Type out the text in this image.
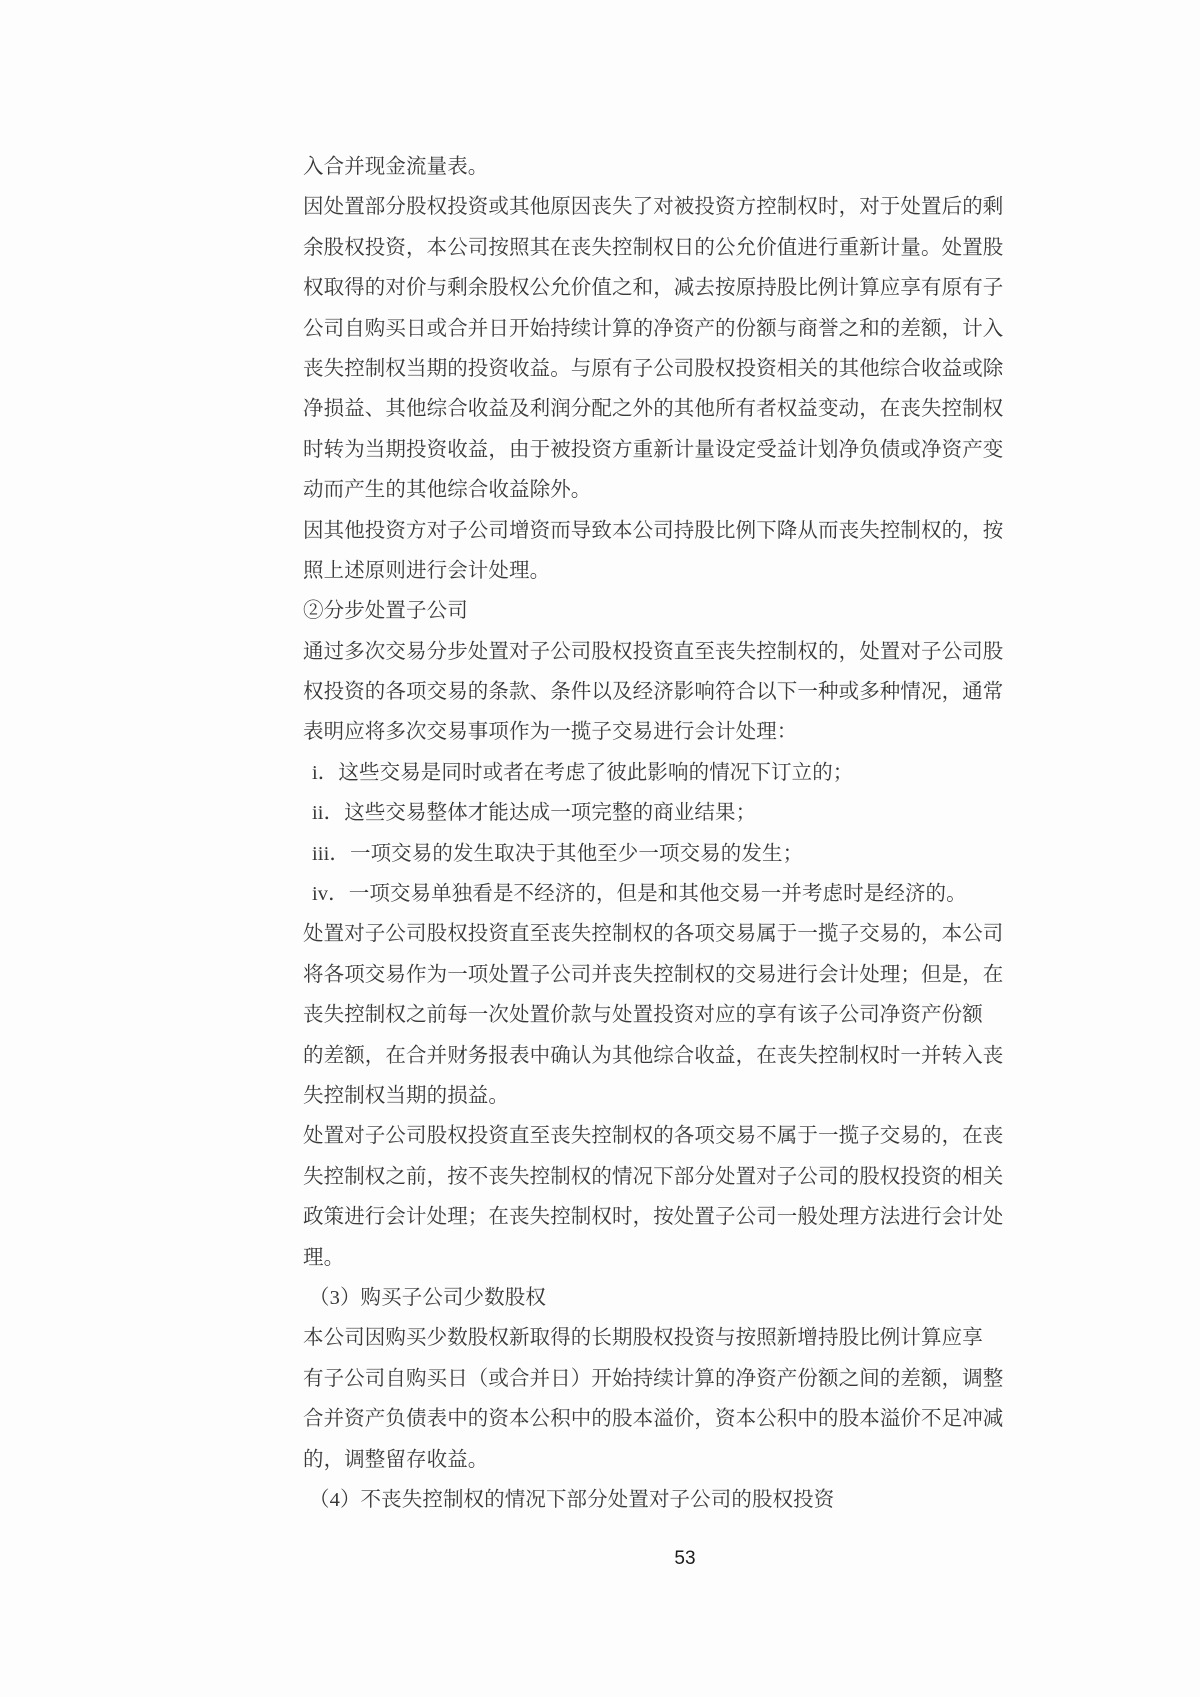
入合并现金流量表。
因处置部分股权投资或其他原因丧失了对被投资方控制权时，对于处置后的剩
余股权投资，本公司按照其在丧失控制权日的公允价值进行重新计量。处置股
权取得的对价与剩余股权公允价值之和，减去按原持股比例计算应享有原有子
公司自购买日或合并日开始持续计算的净资产的份额与商誉之和的差额，计入
丧失控制权当期的投资收益。与原有子公司股权投资相关的其他综合收益或除
净损益、其他综合收益及利润分配之外的其他所有者权益变动，在丧失控制权
时转为当期投资收益，由于被投资方重新计量设定受益计划净负债或净资产变
动而产生的其他综合收益除外。
因其他投资方对子公司增资而导致本公司持股比例下降从而丧失控制权的，按
照上述原则进行会计处理。
②分步处置子公司
通过多次交易分步处置对子公司股权投资直至丧失控制权的，处置对子公司股
权投资的各项交易的条款、条件以及经济影响符合以下一种或多种情况，通常
表明应将多次交易事项作为一揽子交易进行会计处理：
i．这些交易是同时或者在考虑了彼此影响的情况下订立的；
ii．这些交易整体才能达成一项完整的商业结果；
iii．一项交易的发生取决于其他至少一项交易的发生；
iv．一项交易单独看是不经济的，但是和其他交易一并考虑时是经济的。
处置对子公司股权投资直至丧失控制权的各项交易属于一揽子交易的，本公司
将各项交易作为一项处置子公司并丧失控制权的交易进行会计处理；但是，在
丧失控制权之前每一次处置价款与处置投资对应的享有该子公司净资产份额
的差额，在合并财务报表中确认为其他综合收益，在丧失控制权时一并转入丧
失控制权当期的损益。
处置对子公司股权投资直至丧失控制权的各项交易不属于一揽子交易的，在丧
失控制权之前，按不丧失控制权的情况下部分处置对子公司的股权投资的相关
政策进行会计处理；在丧失控制权时，按处置子公司一般处理方法进行会计处
理。
（3）购买子公司少数股权
本公司因购买少数股权新取得的长期股权投资与按照新增持股比例计算应享
有子公司自购买日（或合并日）开始持续计算的净资产份额之间的差额，调整
合并资产负债表中的资本公积中的股本溢价，资本公积中的股本溢价不足冲减
的，调整留存收益。
（4）不丧失控制权的情况下部分处置对子公司的股权投资
53
